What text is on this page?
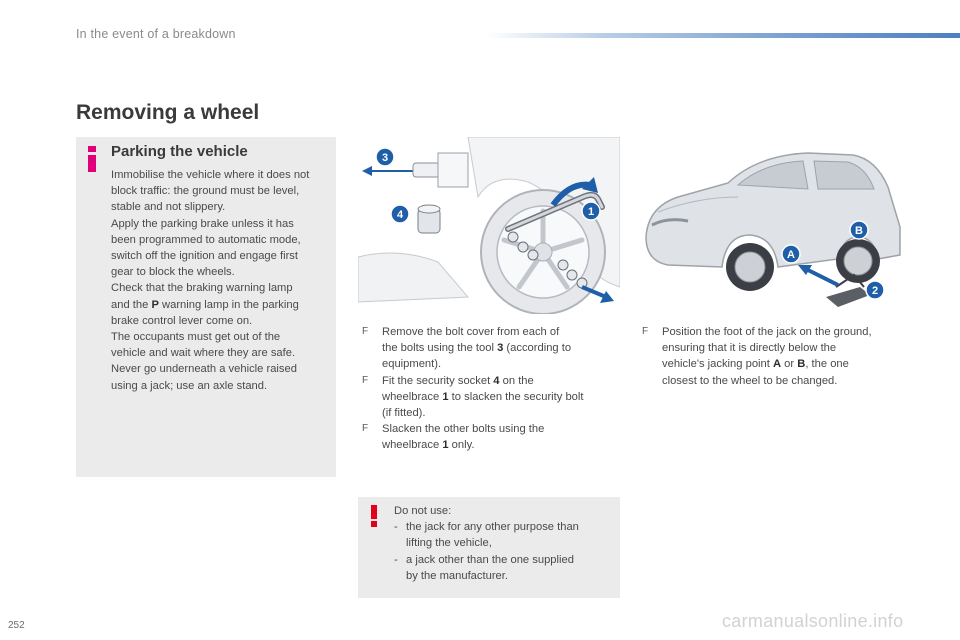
In the event of a breakdown
Removing a wheel
Parking the vehicle

Immobilise the vehicle where it does not

block traffic: the ground must be level,

stable and not slippery.

Apply the parking brake unless it has

been programmed to automatic mode,

switch off the ignition and engage first

gear to block the wheels.

Check that the braking warning lamp

and the P warning lamp in the parking

brake control lever come on.

The occupants must get out of the

vehicle and wait where they are safe.

Never go underneath a vehicle raised

using a jack; use an axle stand.

3
4	1
A
B
2
F Remove the bolt cover from each of
the bolts using the tool 3 (according to
equipment).
F Fit the security socket 4 on the
wheelbrace 1 to slacken the security bolt
(if fitted).
F Slacken the other bolts using the
wheelbrace 1 only.
F Position the foot of the jack on the ground,
ensuring that it is directly below the
vehicle's jacking point A or B, the one
closest to the wheel to be changed.
Do not use:
- the jack for any other purpose than
lifting the vehicle,
- a jack other than the one supplied
by the manufacturer.
252	carmanualsonline.info
